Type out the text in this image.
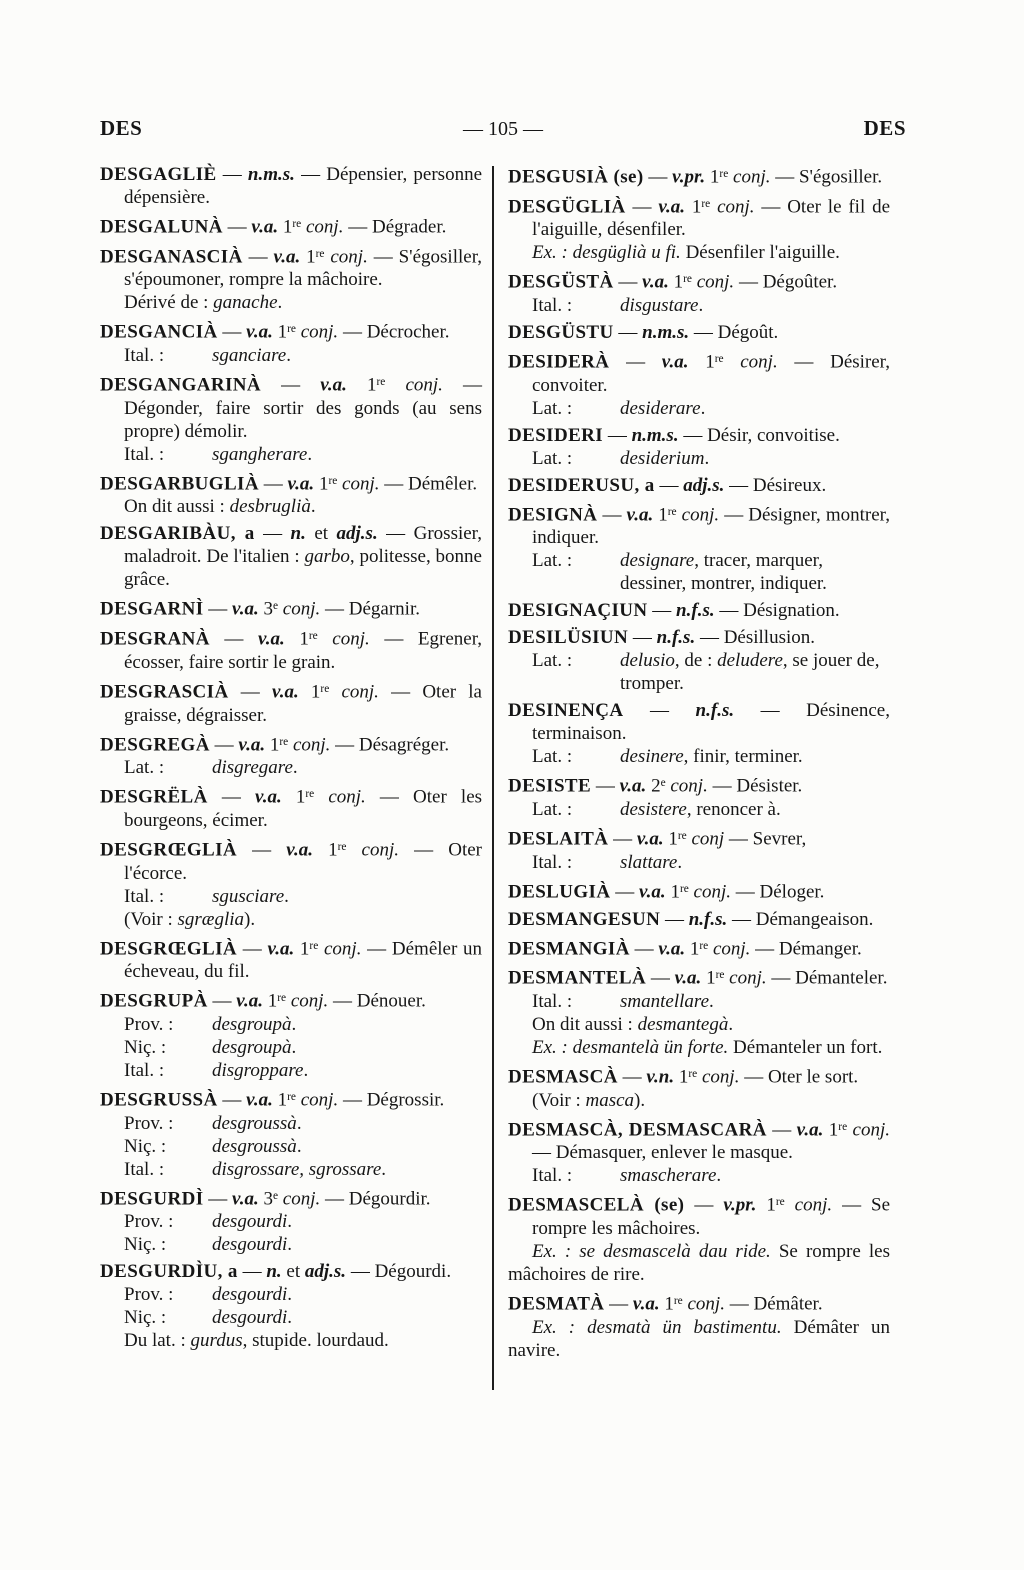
DES	— 105 —	DES

DESGAGLIÈ — n.m.s. — Dépensier, personne dépensière.

DESGALUNÀ — v.a. 1re conj. — Dégrader.

DESGANASCIÀ — v.a. 1re conj. — S'égosiller, s'époumoner, rompre la mâchoire.

Dérivé de : ganache.

DESGANCIÀ — v.a. 1re conj. — Décrocher.

Ital. :	sganciare.

DESGANGARINÀ — v.a. 1re conj. — Dégonder, faire sortir des gonds (au sens propre) démolir.

Ital. :	sgangherare.

DESGARBUGLIÀ — v.a. 1re conj. — Démêler.

On dit aussi : desbruglià.

DESGARIBÀU, a — n. et adj.s. — Grossier, maladroit. De l'italien : garbo, politesse, bonne grâce.

DESGARNÌ — v.a. 3e conj. — Dégarnir.

DESGRANÀ — v.a. 1re conj. — Egrener, écosser, faire sortir le grain.

DESGRASCIÀ — v.a. 1re conj. — Oter la graisse, dégraisser.

DESGREGÀ — v.a. 1re conj. — Désagréger.

Lat. :	disgregare.

DESGRËLÀ — v.a. 1re conj. — Oter les bourgeons, écimer.

DESGRŒGLIÀ — v.a. 1re conj. — Oter l'écorce.

Ital. :	sgusciare.

(Voir : sgræglia).

DESGRŒGLIÀ — v.a. 1re conj. — Démêler un écheveau, du fil.

DESGRUPÀ — v.a. 1re conj. — Dénouer.

Prov. : desgroupà.

Niç. : desgroupà.

Ital. :	disgroppare.

DESGRUSSÀ — v.a. 1re conj. — Dégrossir.

Prov. : desgroussà.

Niç. : desgroussà.

Ital. :	disgrossare, sgrossare.

DESGURDÌ — v.a. 3e conj. — Dégourdir.

Prov. : desgourdi.

Niç. : desgourdi.

DESGURDÌU, a — n. et adj.s. — Dégourdi.

Prov. : desgourdi.

Niç. : desgourdi.

Du lat. : gurdus, stupide. lourdaud.

DESGUSIÀ (se) — v.pr. 1re conj. — S'égosiller.

DESGÜGLIÀ — v.a. 1re conj. — Oter le fil de l'aiguille, désenfiler.

Ex. : desgüglià u fi. Désenfiler l'aiguille.

DESGÜSTÀ — v.a. 1re conj. — Dégoûter.

Ital. :	disgustare.

DESGÜSTU — n.m.s. — Dégoût.

DESIDERÀ — v.a. 1re conj. — Désirer, convoiter.

Lat. :	desiderare.

DESIDERI — n.m.s. — Désir, convoitise.

Lat. :	desiderium.

DESIDERUSU, a — adj.s. — Désireux.

DESIGNÀ — v.a. 1re conj. — Désigner, montrer, indiquer.

Lat. :	designare, tracer, marquer, dessiner, montrer, indiquer.

DESIGNAÇIUN — n.f.s. — Désignation.

DESILÜSIUN — n.f.s. — Désillusion.

Lat. :	delusio, de : deludere, se jouer de, tromper.

DESINENÇA — n.f.s. — Désinence, terminaison.

Lat. :	desinere, finir, terminer.

DESISTE — v.a. 2e conj. — Désister.

Lat. :	desistere, renoncer à.

DESLAITÀ — v.a. 1re conj — Sevrer,

Ital. :	slattare.

DESLUGIÀ — v.a. 1re conj. — Déloger.

DESMANGESUN — n.f.s. — Démangeaison.

DESMANGIÀ — v.a. 1re conj. — Démanger.

DESMANTELÀ — v.a. 1re conj. — Démanteler.

Ital. :	smantellare.

On dit aussi : desmantegà.

Ex. : desmantelà ün forte. Démanteler un fort.

DESMASCÀ — v.n. 1re conj. — Oter le sort.

(Voir : masca).

DESMASCÀ, DESMASCARÀ — v.a. 1re conj. — Démasquer, enlever le masque.

Ital. :	smascherare.

DESMASCELÀ (se) — v.pr. 1re conj. — Se rompre les mâchoires.

Ex. : se desmascelà dau ride. Se rompre les mâchoires de rire.

DESMATÀ — v.a. 1re conj. — Démâter.

Ex. : desmatà ün bastimentu. Démâter un navire.
